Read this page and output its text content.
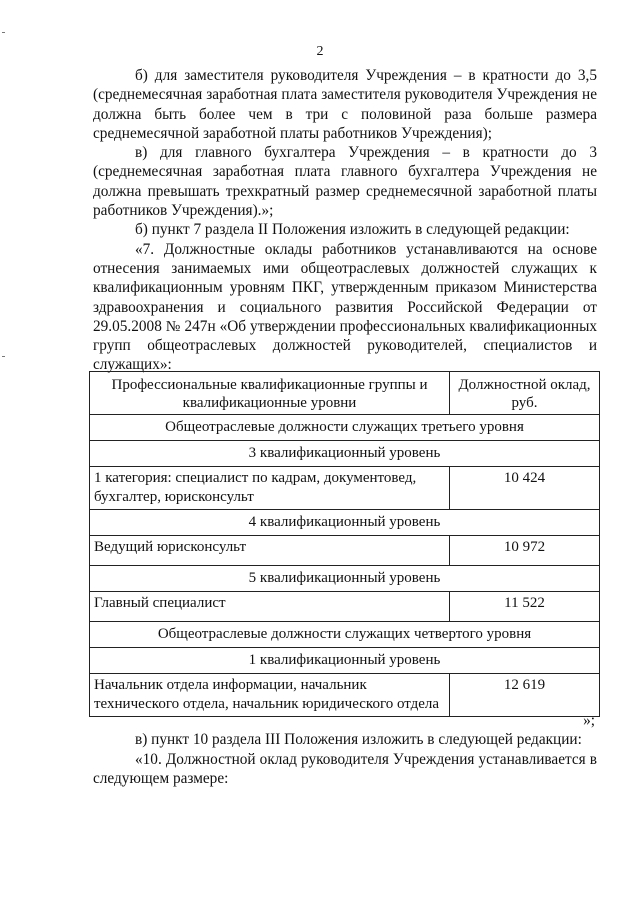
2

б) для заместителя руководителя Учреждения – в кратности до 3,5 (среднемесячная заработная плата заместителя руководителя Учреждения не должна быть более чем в три с половиной раза больше размера среднемесячной заработной платы работников Учреждения);

в) для главного бухгалтера Учреждения – в кратности до 3 (среднемесячная заработная плата главного бухгалтера Учреждения не должна превышать трехкратный размер среднемесячной заработной платы работников Учреждения).»;

б) пункт 7 раздела II Положения изложить в следующей редакции:

«7. Должностные оклады работников устанавливаются на основе отнесения занимаемых ими общеотраслевых должностей служащих к квалификационным уровням ПКГ, утвержденным приказом Министерства здравоохранения и социального развития Российской Федерации от 29.05.2008 № 247н «Об утверждении профессиональных квалификационных групп общеотраслевых должностей руководителей, специалистов и служащих»:

Профессиональные квалификационные группы и квалификационные уровни	Должностной оклад, руб.
Общеотраслевые должности служащих третьего уровня	
3 квалификационный уровень	
1 категория: специалист по кадрам, документовед, бухгалтер, юрисконсульт	10 424
4 квалификационный уровень	
Ведущий юрисконсульт	10 972
5 квалификационный уровень	
Главный специалист	11 522
Общеотраслевые должности служащих четвертого уровня	
1 квалификационный уровень	
Начальник отдела информации, начальник технического отдела, начальник юридического отдела	12 619

»;

в) пункт 10 раздела III Положения изложить в следующей редакции:

«10. Должностной оклад руководителя Учреждения устанавливается в следующем размере:
